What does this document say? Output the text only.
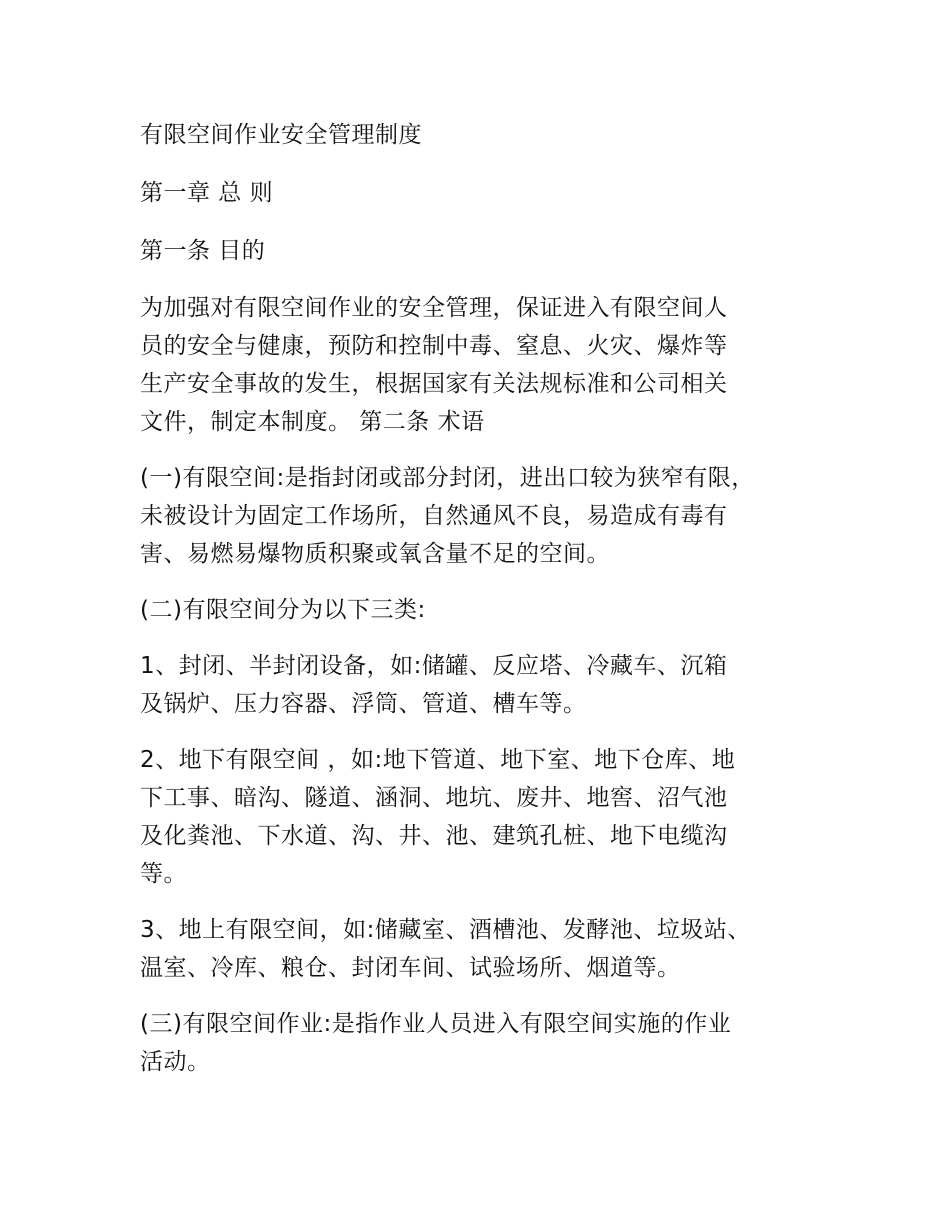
有限空间作业安全管理制度
第一章 总 则
第一条 目的
为加强对有限空间作业的安全管理，保证进入有限空间人
员的安全与健康，预防和控制中毒、窒息、火灾、爆炸等
生产安全事故的发生，根据国家有关法规标准和公司相关
文件，制定本制度。 第二条 术语
(一)有限空间:是指封闭或部分封闭，进出口较为狭窄有限，
未被设计为固定工作场所，自然通风不良，易造成有毒有
害、易燃易爆物质积聚或氧含量不足的空间。
(二)有限空间分为以下三类:
1、封闭、半封闭设备，如:储罐、反应塔、冷藏车、沉箱
及锅炉、压力容器、浮筒、管道、槽车等。
2、地下有限空间 ，如:地下管道、地下室、地下仓库、地
下工事、暗沟、隧道、涵洞、地坑、废井、地窖、沼气池
及化粪池、下水道、沟、井、池、建筑孔桩、地下电缆沟
等。
3、地上有限空间，如:储藏室、酒槽池、发酵池、垃圾站、
温室、冷库、粮仓、封闭车间、试验场所、烟道等。
(三)有限空间作业:是指作业人员进入有限空间实施的作业
活动。
